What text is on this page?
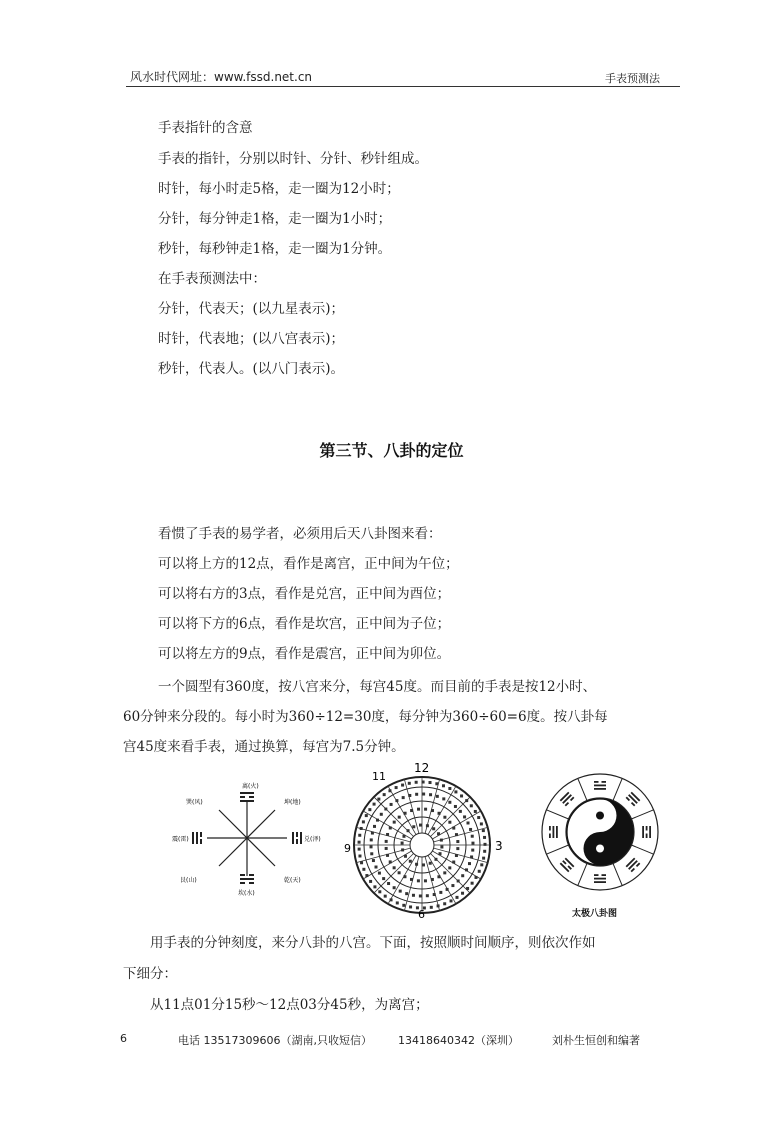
风水时代网址：www.fssd.net.cn	手表预测法
手表指针的含意
手表的指针，分别以时针、分针、秒针组成。
时针，每小时走5格，走一圈为12小时；
分针，每分钟走1格，走一圈为1小时；
秒针，每秒钟走1格，走一圈为1分钟。
在手表预测法中：
分针，代表天；(以九星表示)；
时针，代表地；(以八宫表示)；
秒针，代表人。(以八门表示)。
第三节、八卦的定位
看惯了手表的易学者，必须用后天八卦图来看：
可以将上方的12点，看作是离宫，正中间为午位；
可以将右方的3点，看作是兑宫，正中间为酉位；
可以将下方的6点，看作是坎宫，正中间为子位；
可以将左方的9点，看作是震宫，正中间为卯位。
一个圆型有360度，按八宫来分，每宫45度。而目前的手表是按12小时、
60分钟来分段的。每小时为360÷12=30度，每分钟为360÷60=6度。按八卦每
宫45度来看手表，通过换算，每宫为7.5分钟。
离(火)
坤(地)
兑(泽)
乾(天)
坎(水)
艮(山)
震(雷)
巽(风)
12
11
3
9
6	太极八卦图
用手表的分钟刻度，来分八卦的八宫。下面，按照顺时间顺序，则依次作如
下细分：
从11点01分15秒～12点03分45秒，为离宫；
6	电话 13517309606（湖南,只收短信） 13418640342（深圳）	刘朴生恒创和编著
